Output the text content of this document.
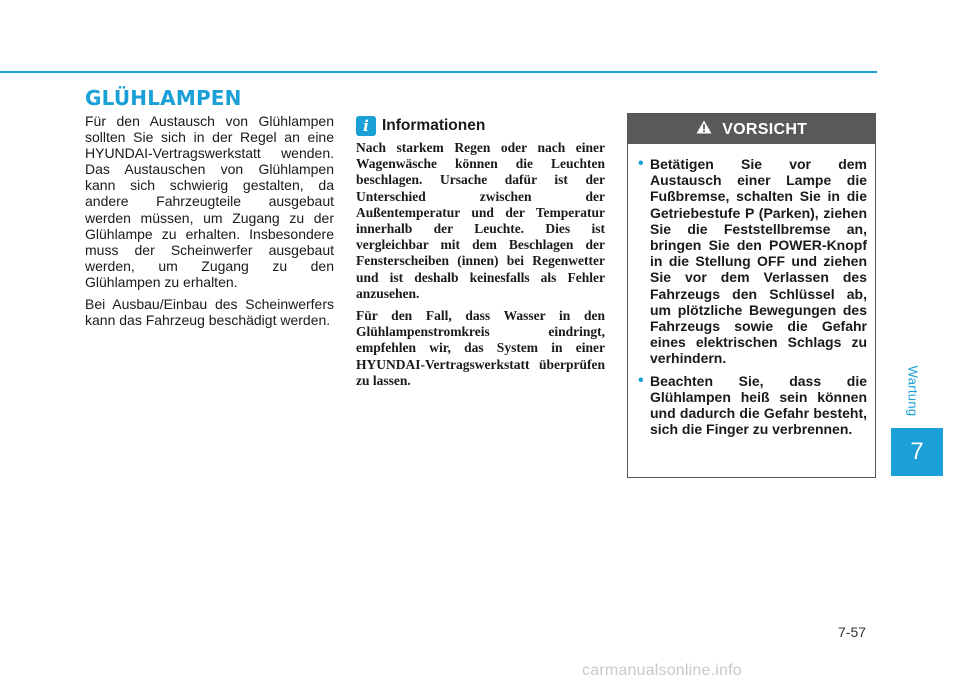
GLÜHLAMPEN

Für den Austausch von Glühlampen sollten Sie sich in der Regel an eine HYUNDAI-Vertragswerkstatt wenden. Das Austauschen von Glühlampen kann sich schwierig gestalten, da andere Fahrzeugteile ausgebaut werden müssen, um Zugang zu der Glühlampe zu erhalten. Insbesondere muss der Scheinwerfer ausgebaut werden, um Zugang zu den Glühlampen zu erhalten.

Bei Ausbau/Einbau des Scheinwerfers kann das Fahrzeug beschädigt werden.

i Informationen

Nach starkem Regen oder nach einer Wagenwäsche können die Leuchten beschlagen. Ursache dafür ist der Unterschied zwischen der Außentemperatur und der Temperatur innerhalb der Leuchte. Dies ist vergleichbar mit dem Beschlagen der Fensterscheiben (innen) bei Regenwetter und ist deshalb keinesfalls als Fehler anzusehen.

Für den Fall, dass Wasser in den Glühlampenstromkreis eindringt, empfehlen wir, das System in einer HYUNDAI-Vertragswerkstatt überprüfen zu lassen.

VORSICHT
• Betätigen Sie vor dem Austausch einer Lampe die Fußbremse, schalten Sie in die Getriebestufe P (Parken), ziehen Sie die Feststellbremse an, bringen Sie den POWER-Knopf in die Stellung OFF und ziehen Sie vor dem Verlassen des Fahrzeugs den Schlüssel ab, um plötzliche Bewegungen des Fahrzeugs sowie die Gefahr eines elektrischen Schlags zu verhindern.
• Beachten Sie, dass die Glühlampen heiß sein können und dadurch die Gefahr besteht, sich die Finger zu verbrennen.
Wartung
7
7-57
carmanualsonline.info
